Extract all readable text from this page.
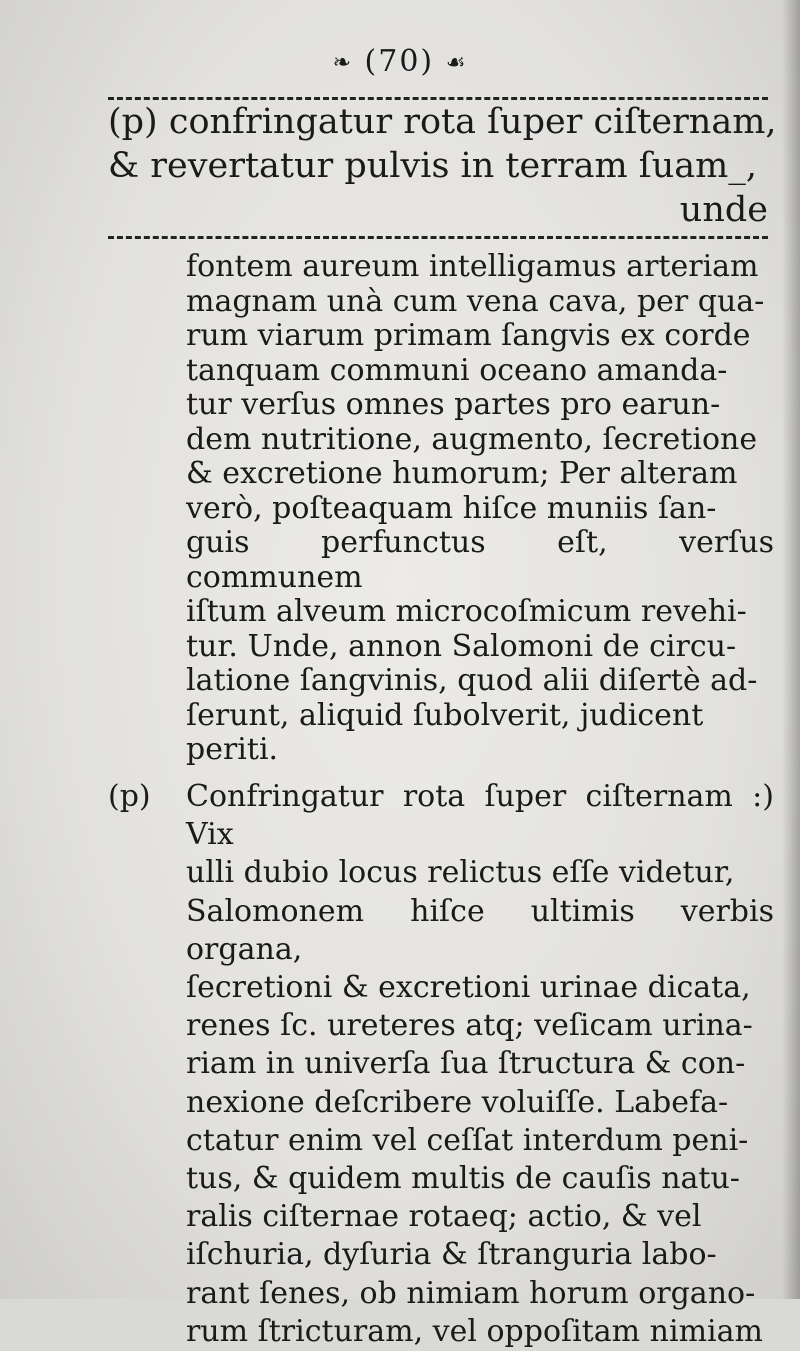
❧ (70) ☙
(p) confringatur rota ſuper ciſternam,
& revertatur pulvis in terram ſuam_,
unde
fontem aureum intelligamus arteriam
magnam unà cum vena cava, per qua-
rum viarum primam ſangvis ex corde
tanquam communi oceano amanda-
tur verſus omnes partes pro earun-
dem nutritione, augmento, ſecretione
& excretione humorum; Per alteram
verò, poſteaquam hiſce muniis ſan-
guis perfunctus eſt, verſus communem
iſtum alveum microcoſmicum revehi-
tur. Unde, annon Salomoni de circu-
latione ſangvinis, quod alii diſertè ad-
ſerunt, aliquid ſubolverit, judicent
periti.
(p) Confringatur rota ſuper ciſternam :) Vix
ulli dubio locus relictus eſſe videtur,
Salomonem hiſce ultimis verbis organa,
ſecretioni & excretioni urinae dicata,
renes ſc. ureteres atq; veſicam urina-
riam in univerſa ſua ſtructura & con-
nexione deſcribere voluiſſe. Labefa-
ctatur enim vel ceſſat interdum peni-
tus, & quidem multis de cauſis natu-
ralis ciſternae rotaeq; actio, & vel
iſchuria, dyſuria & ſtranguria labo-
rant ſenes, ob nimiam horum organo-
rum ſtricturam, vel oppoſitam nimiam
